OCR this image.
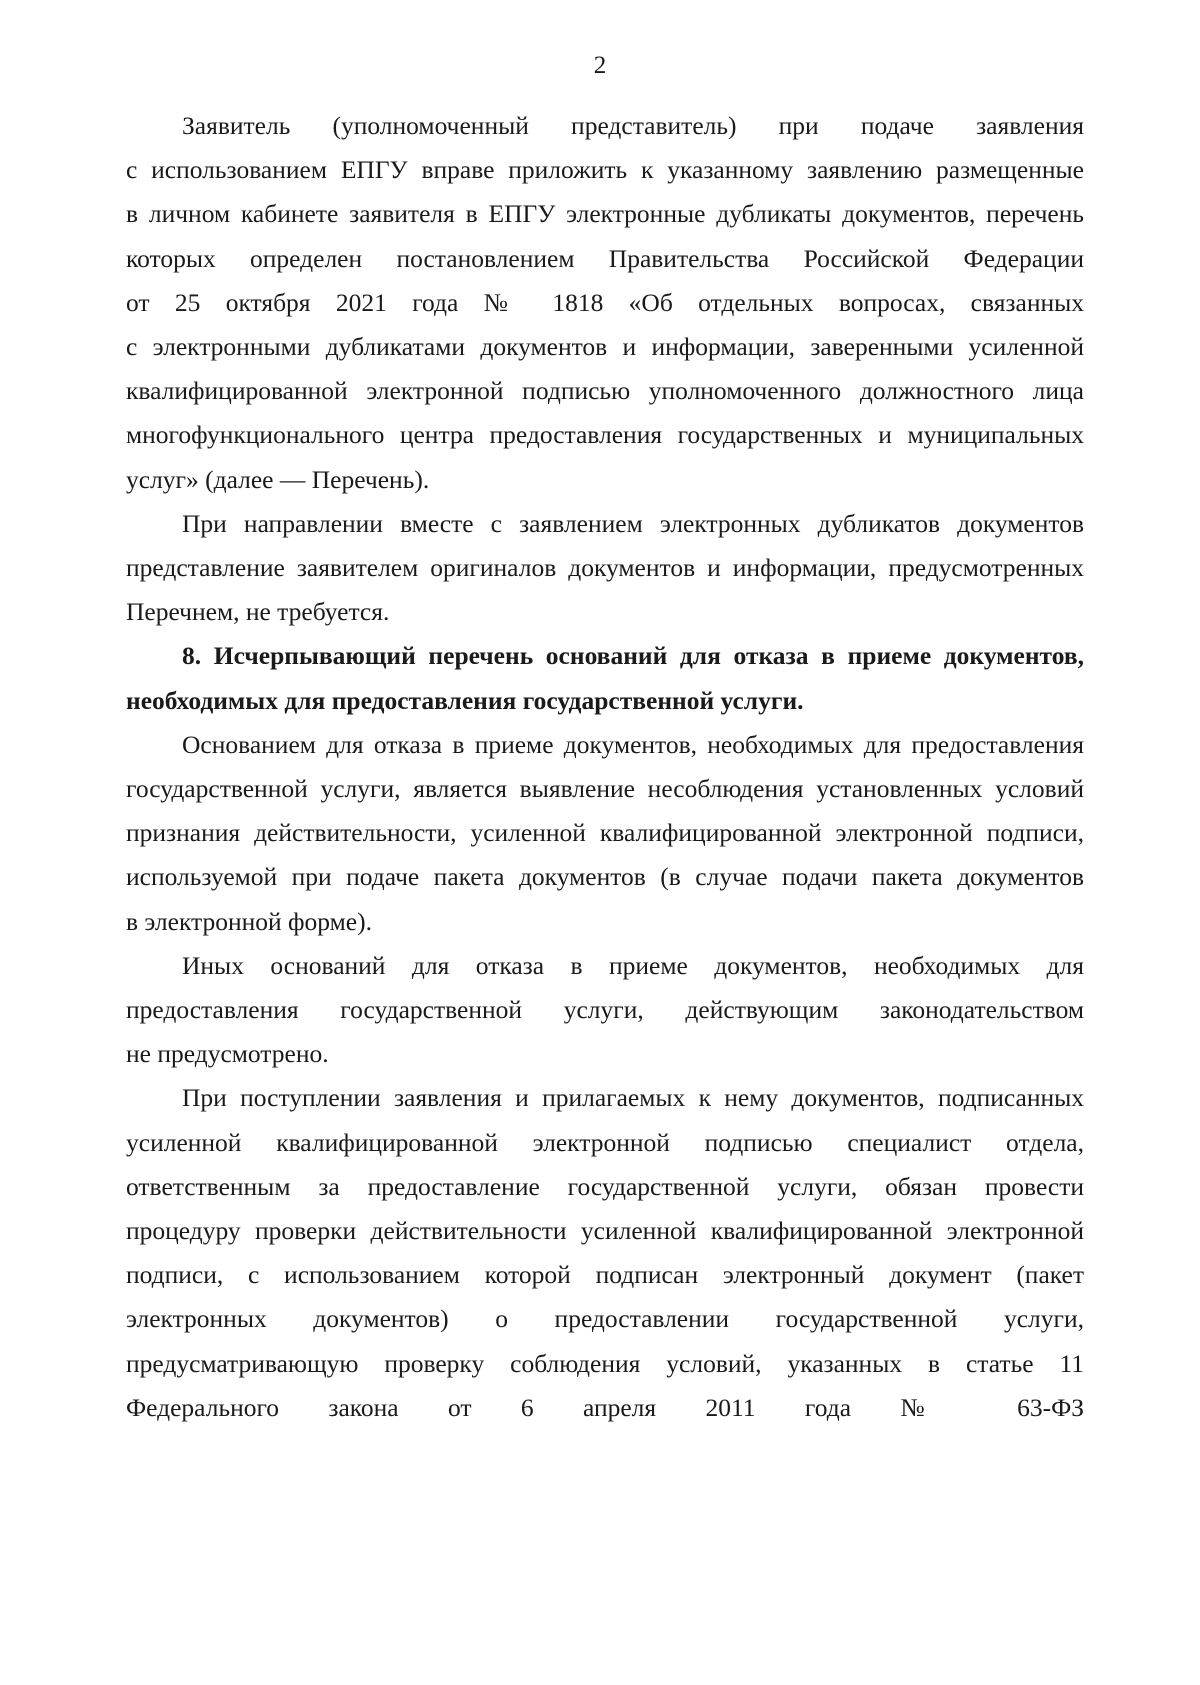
2
Заявитель (уполномоченный представитель) при подаче заявления
с использованием ЕПГУ вправе приложить к указанному заявлению размещенные
в личном кабинете заявителя в ЕПГУ электронные дубликаты документов, перечень
которых определен постановлением Правительства Российской Федерации
от 25 октября 2021 года № 1818 «Об отдельных вопросах, связанных
с электронными дубликатами документов и информации, заверенными усиленной
квалифицированной электронной подписью уполномоченного должностного лица
многофункционального центра предоставления государственных и муниципальных
услуг» (далее — Перечень).
При направлении вместе с заявлением электронных дубликатов документов
представление заявителем оригиналов документов и информации, предусмотренных
Перечнем, не требуется.
8. Исчерпывающий перечень оснований для отказа в приеме документов,
необходимых для предоставления государственной услуги.
Основанием для отказа в приеме документов, необходимых для предоставления
государственной услуги, является выявление несоблюдения установленных условий
признания действительности, усиленной квалифицированной электронной подписи,
используемой при подаче пакета документов (в случае подачи пакета документов
в электронной форме).
Иных оснований для отказа в приеме документов, необходимых для
предоставления государственной услуги, действующим законодательством
не предусмотрено.
При поступлении заявления и прилагаемых к нему документов, подписанных
усиленной квалифицированной электронной подписью специалист отдела,
ответственным за предоставление государственной услуги, обязан провести
процедуру проверки действительности усиленной квалифицированной электронной
подписи, с использованием которой подписан электронный документ (пакет
электронных документов) о предоставлении государственной услуги,
предусматривающую проверку соблюдения условий, указанных в статье 11
Федерального закона от 6 апреля 2011 года № 63-ФЗ
